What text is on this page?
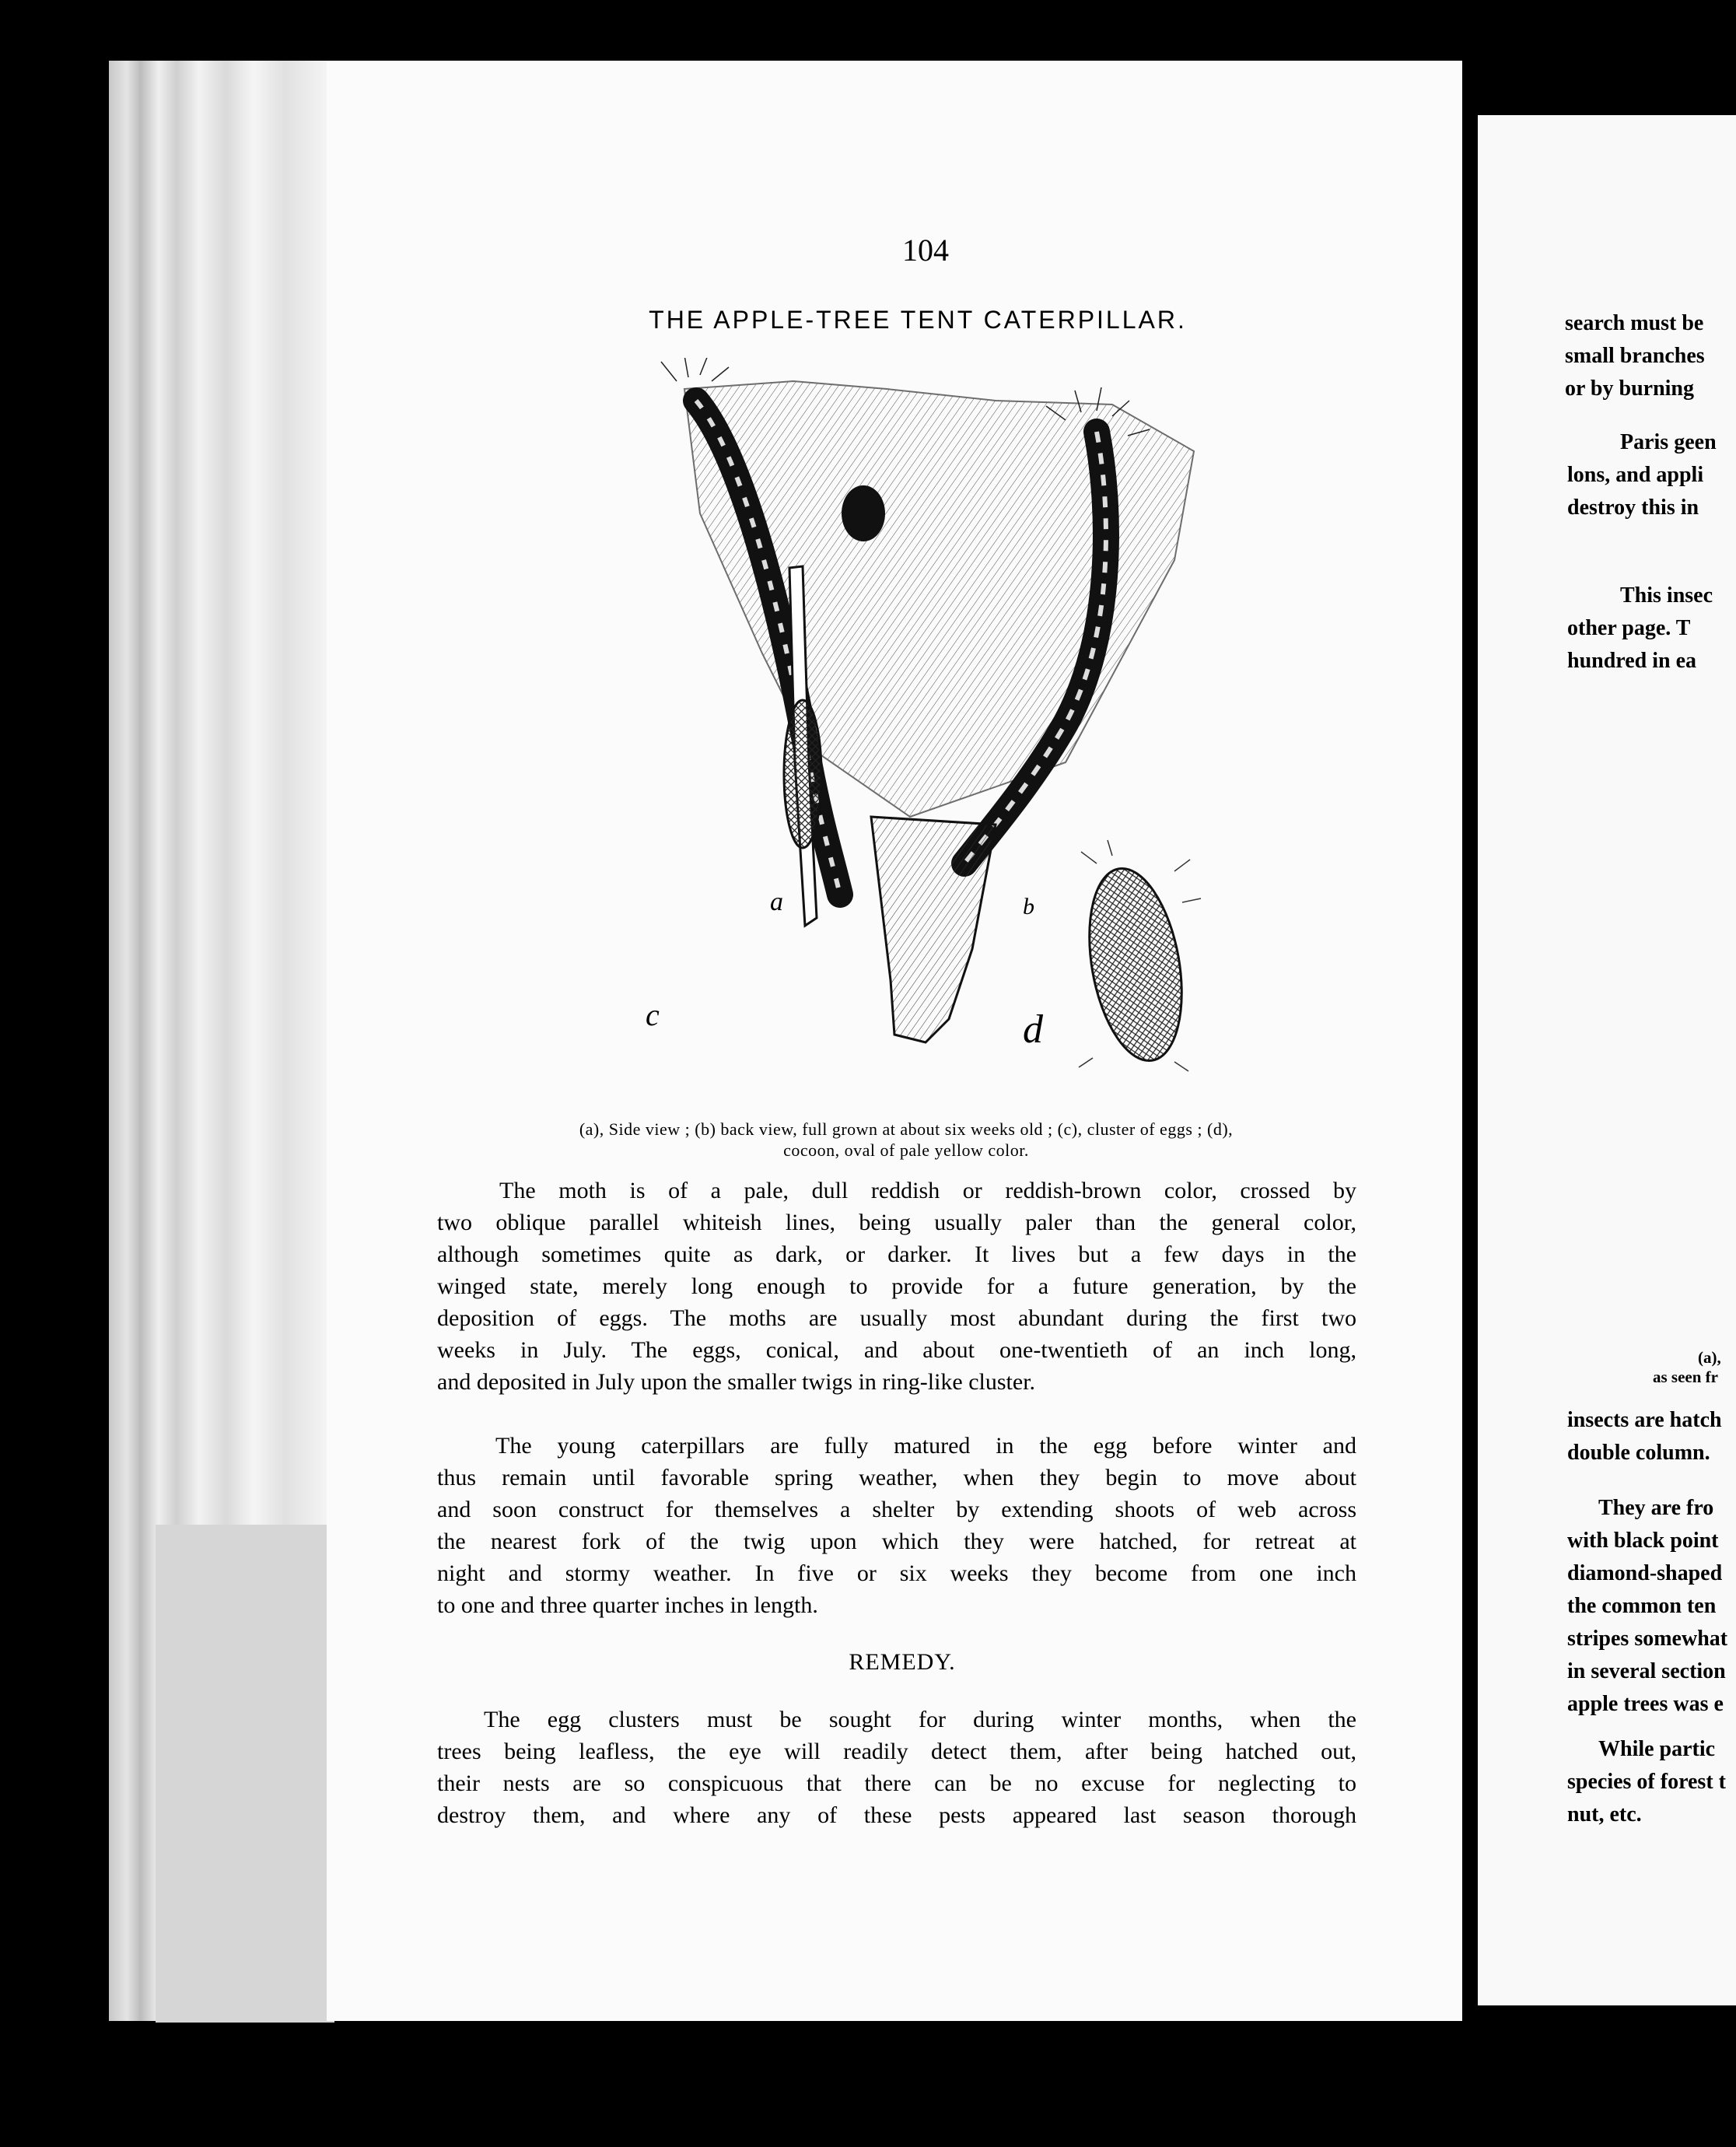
104
THE APPLE-TREE TENT CATERPILLAR.
a	b
c	d
(a), Side view ; (b) back view, full grown at about six weeks old ; (c), cluster of eggs ; (d),
cocoon, oval of pale yellow color.
The moth is of a pale, dull reddish or reddish-brown color, crossed by
two oblique parallel whiteish lines, being usually paler than the general color,
although sometimes quite as dark, or darker. It lives but a few days in the
winged state, merely long enough to provide for a future generation, by the
deposition of eggs. The moths are usually most abundant during the first two
weeks in July. The eggs, conical, and about one-twentieth of an inch long,
and deposited in July upon the smaller twigs in ring-like cluster.
The young caterpillars are fully matured in the egg before winter and
thus remain until favorable spring weather, when they begin to move about
and soon construct for themselves a shelter by extending shoots of web across
the nearest fork of the twig upon which they were hatched, for retreat at
night and stormy weather. In five or six weeks they become from one inch
to one and three quarter inches in length.
REMEDY.
The egg clusters must be sought for during winter months, when the
trees being leafless, the eye will readily detect them, after being hatched out,
their nests are so conspicuous that there can be no excuse for neglecting to
destroy them, and where any of these pests appeared last season thorough
search must be
small branches
or by burning
Paris geen
lons, and appli
destroy this in
This insec
other page. T
hundred in ea
(a),
as seen fr
insects are hatch
double column.
They are fro
with black point
diamond-shaped
the common ten
stripes somewhat
in several section
apple trees was e
While partic
species of forest t
nut, etc.
